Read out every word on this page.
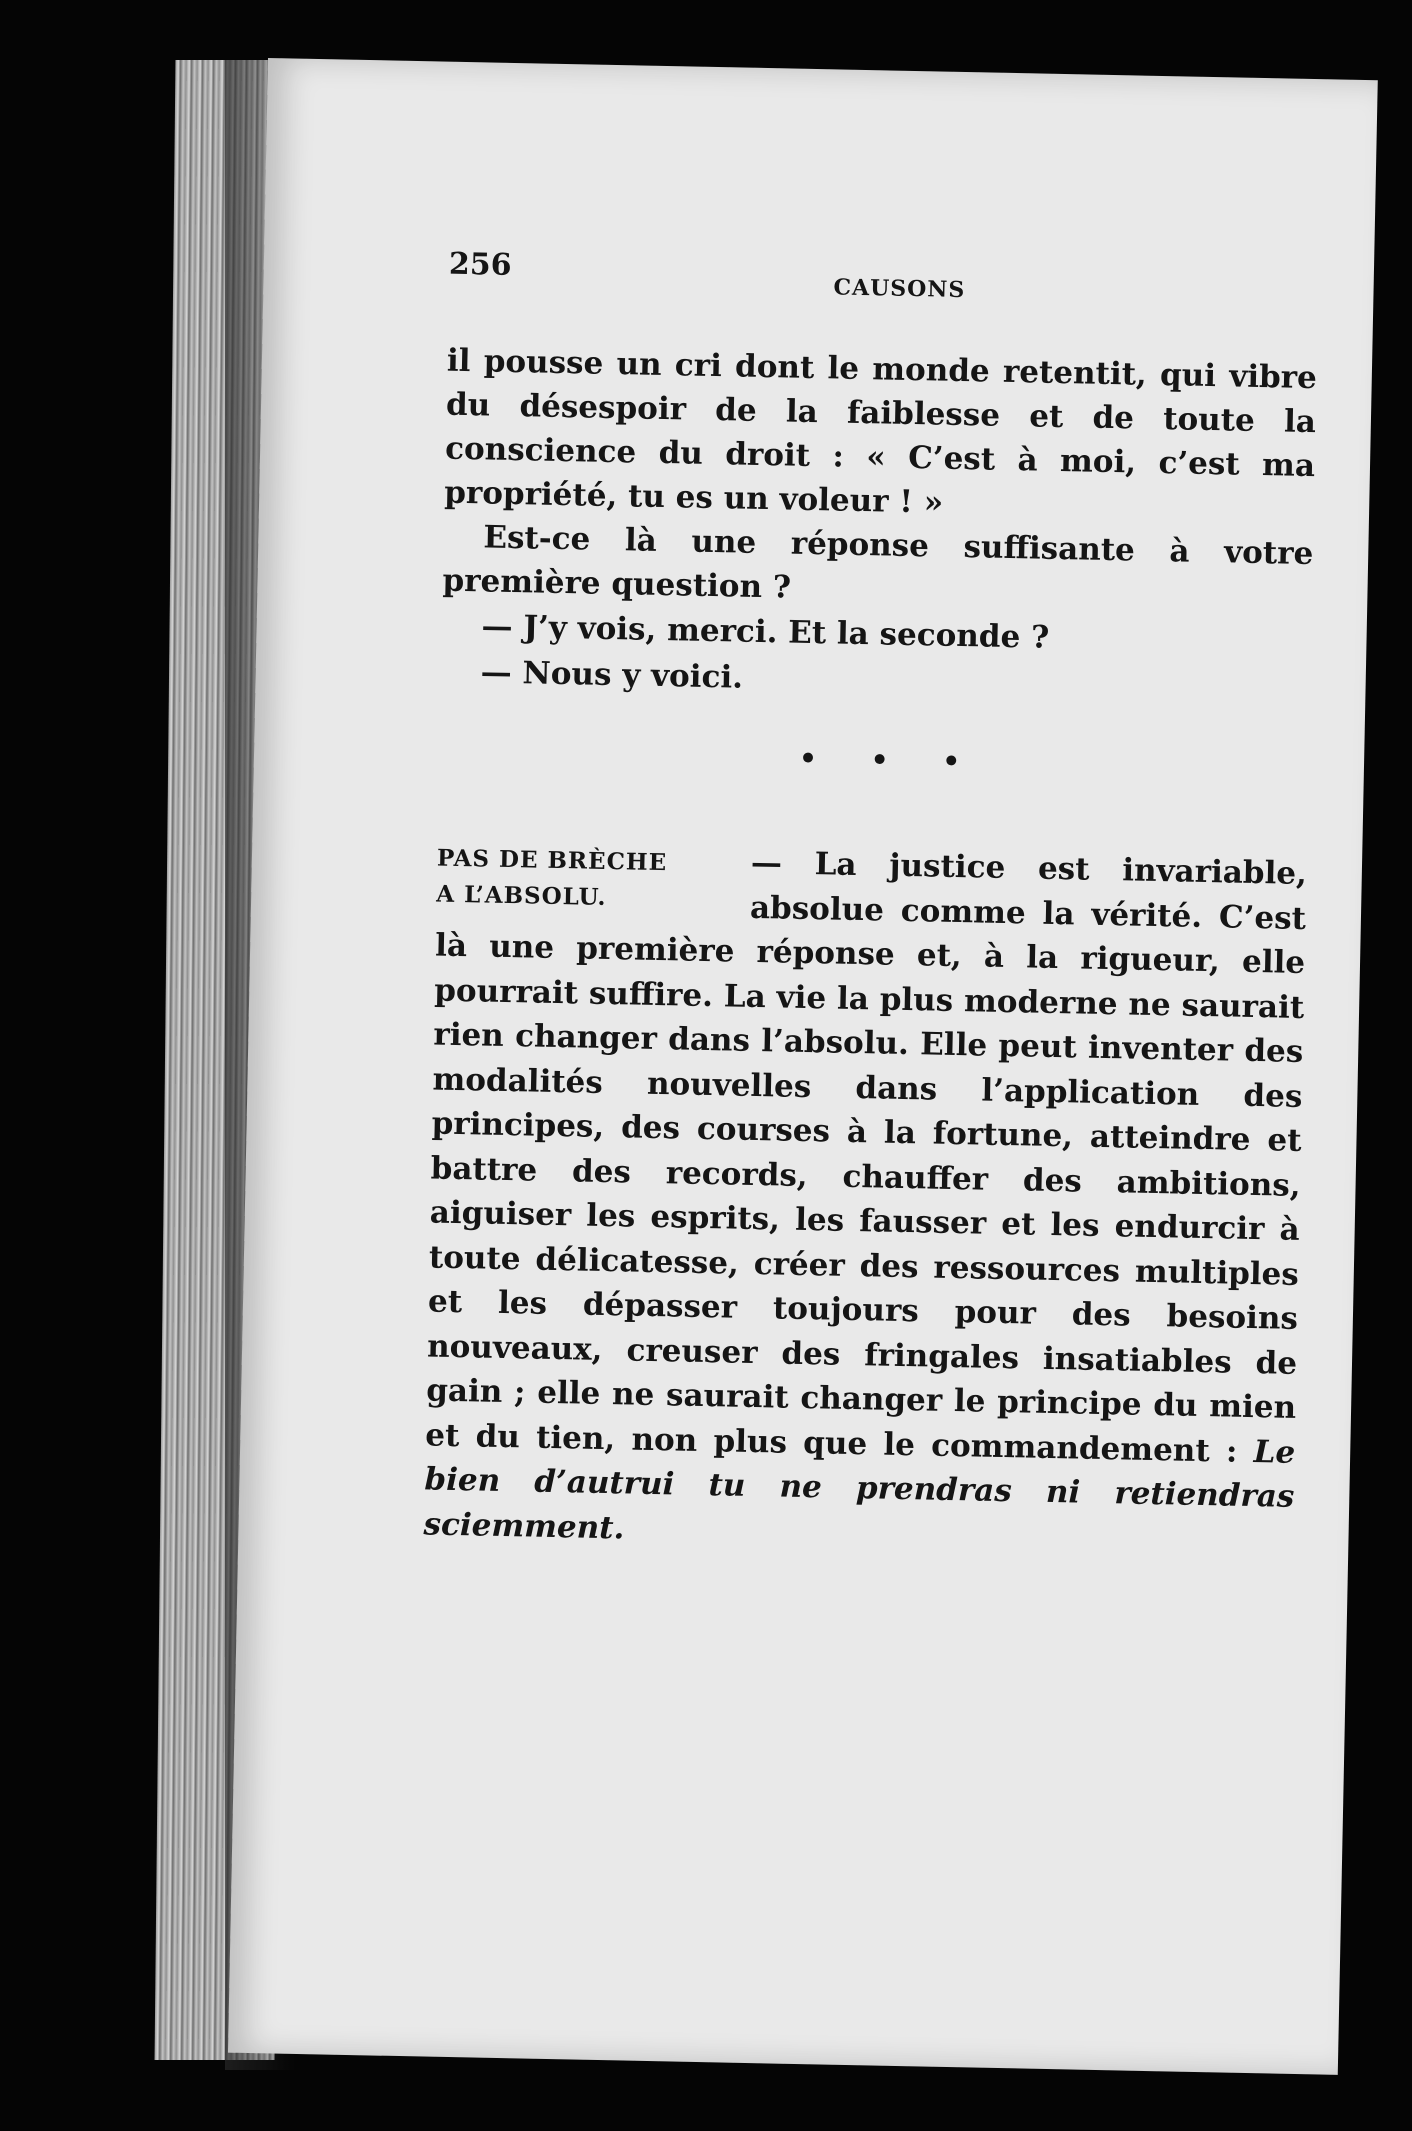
256
CAUSONS

il pousse un cri dont le monde retentit, qui vibre du désespoir de la faiblesse et de toute la conscience du droit : « C’est à moi, c’est ma propriété, tu es un voleur ! »

Est-ce là une réponse suffisante à votre première question ?

— J’y vois, merci. Et la seconde ?

— Nous y voici.

• • •
PAS DE BRÈCHE
A L’ABSOLU.

— La justice est invariable, absolue comme la vérité. C’est là une première réponse et, à la rigueur, elle pourrait suffire. La vie la plus moderne ne saurait rien changer dans l’absolu. Elle peut inventer des modalités nouvelles dans l’application des principes, des courses à la fortune, atteindre et battre des records, chauffer des ambitions, aiguiser les esprits, les fausser et les endurcir à toute délicatesse, créer des ressources multiples et les dépasser toujours pour des besoins nouveaux, creuser des fringales insatiables de gain ; elle ne saurait changer le principe du mien et du tien, non plus que le commandement : Le bien d’autrui tu ne prendras ni retiendras sciemment.
